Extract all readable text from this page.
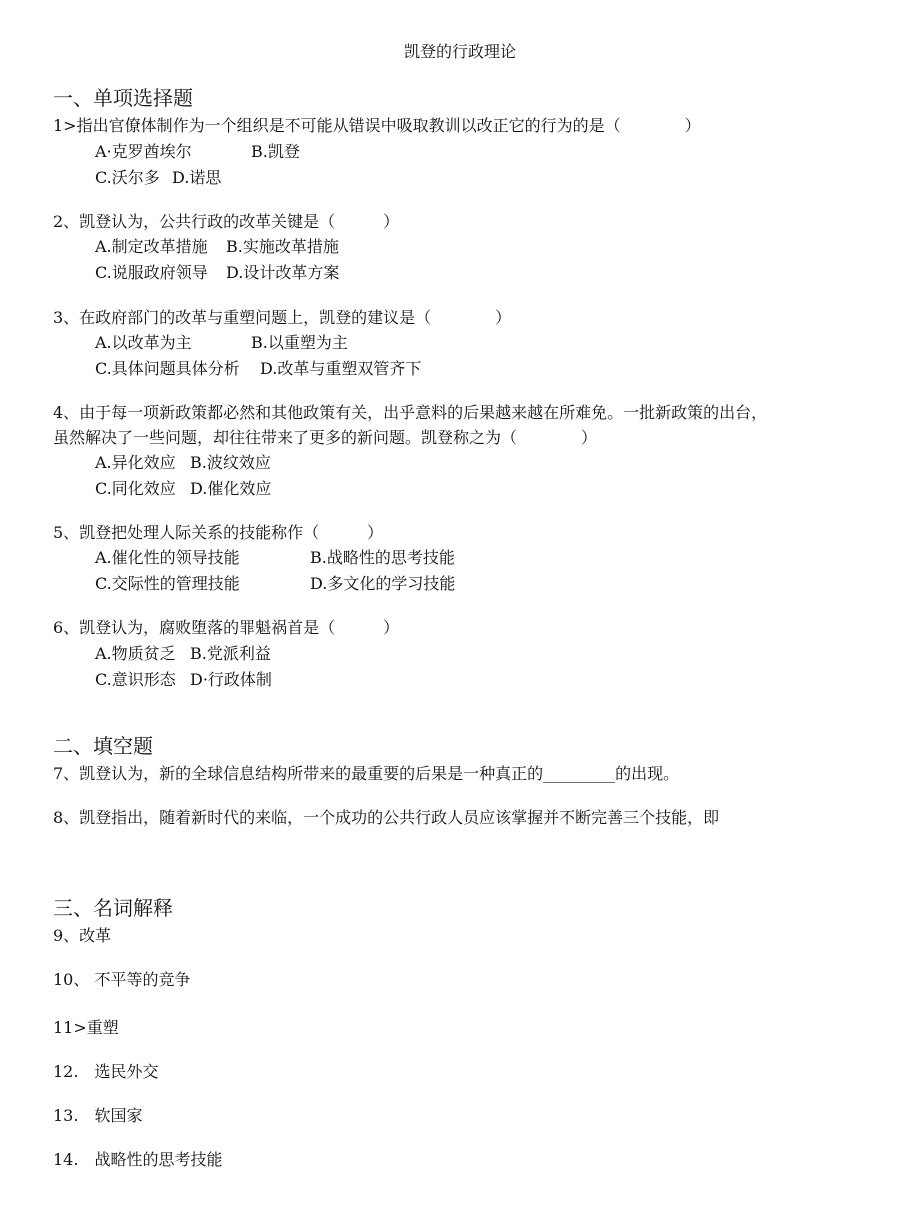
凯登的行政理论
一、单项选择题
1>指出官僚体制作为一个组织是不可能从错误中吸取教训以改正它的行为的是（　　　　）
A·克罗酋埃尔	B.凯登
C.沃尔多 D.诺思
2、凯登认为，公共行政的改革关键是（　　　）
A.制定改革措施 B.实施改革措施
C.说服政府领导 D.设计改革方案
3、在政府部门的改革与重塑问题上，凯登的建议是（　　　　）
A.以改革为主	B.以重塑为主
C.具体问题具体分析 D.改革与重塑双管齐下
4、由于每一项新政策都必然和其他政策有关，出乎意料的后果越来越在所难免。一批新政策的出台，
虽然解决了一些问题，却往往带来了更多的新问题。凯登称之为（　　　　）
A.异化效应 B.波纹效应
C.同化效应 D.催化效应
5、凯登把处理人际关系的技能称作（　　　）
A.催化性的领导技能	B.战略性的思考技能
C.交际性的管理技能	D.多文化的学习技能
6、凯登认为，腐败堕落的罪魁祸首是（　　　）
A.物质贫乏 B.党派利益
C.意识形态 D·行政体制
二、填空题
7、凯登认为，新的全球信息结构所带来的最重要的后果是一种真正的_________的出现。
8、凯登指出，随着新时代的来临，一个成功的公共行政人员应该掌握并不断完善三个技能，即
三、名词解释
9、改革
10、 不平等的竞争
11>重塑
12.　选民外交
13.　软国家
14.　战略性的思考技能
